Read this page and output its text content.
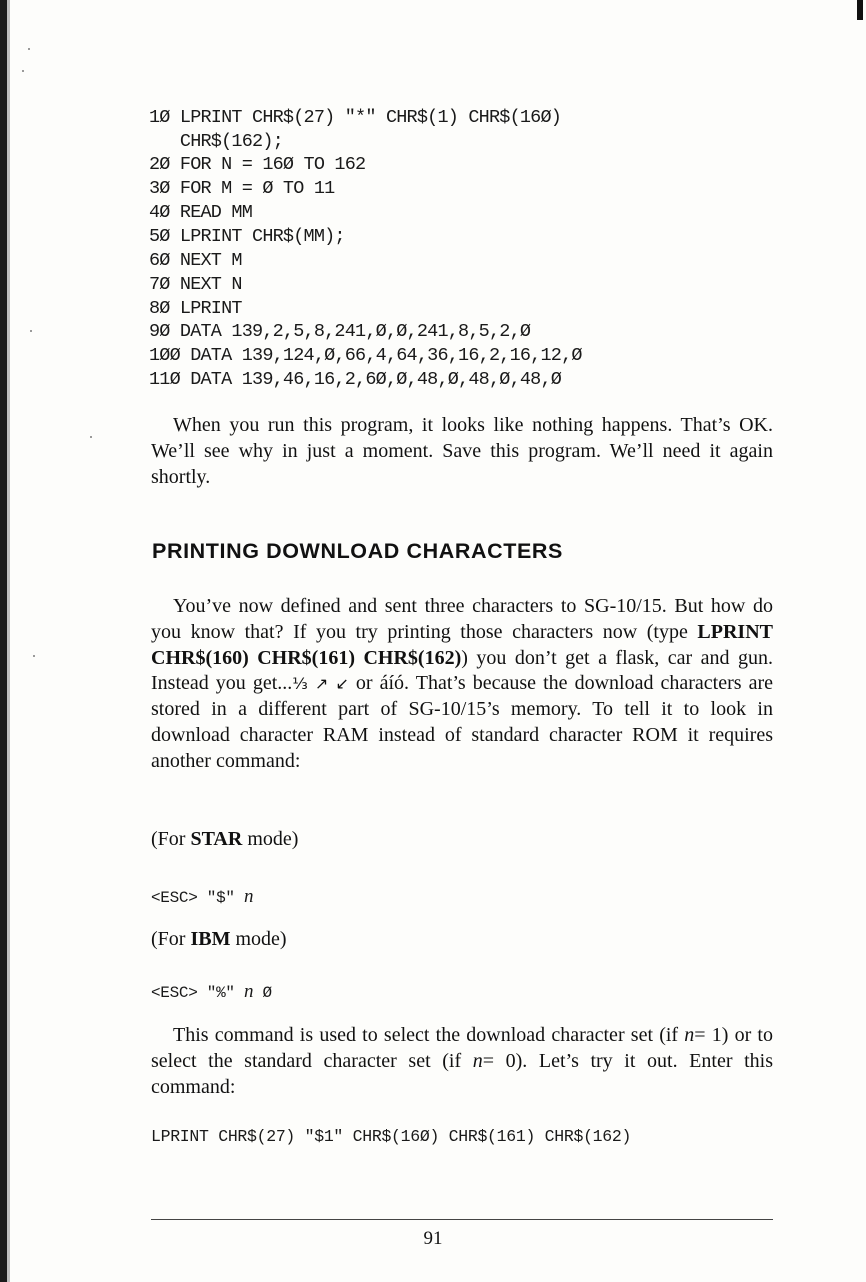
1Ø LPRINT CHR$(27) "*" CHR$(1) CHR$(16Ø)
CHR$(162);
2Ø FOR N = 16Ø TO 162
3Ø FOR M = Ø TO 11
4Ø READ MM
5Ø LPRINT CHR$(MM);
6Ø NEXT M
7Ø NEXT N
8Ø LPRINT
9Ø DATA 139,2,5,8,241,Ø,Ø,241,8,5,2,Ø
1ØØ DATA 139,124,Ø,66,4,64,36,16,2,16,12,Ø
11Ø DATA 139,46,16,2,6Ø,Ø,48,Ø,48,Ø,48,Ø

When you run this program, it looks like nothing happens. That’s OK. We’ll see why in just a moment. Save this program. We’ll need it again shortly.

PRINTING DOWNLOAD CHARACTERS

You’ve now defined and sent three characters to SG-10/15. But how do you know that? If you try printing those characters now (type LPRINT CHR$(160) CHR$(161) CHR$(162)) you don’t get a flask, car and gun. Instead you get...⅓ ↗ ↙ or áíó. That’s because the download characters are stored in a different part of SG-10/15’s memory. To tell it to look in download character RAM instead of standard character ROM it requires another command:

(For STAR mode)
<ESC> "$" n
(For IBM mode)
<ESC> "%" n Ø

This command is used to select the download character set (if n= 1) or to select the standard character set (if n= 0). Let’s try it out. Enter this command:

LPRINT CHR$(27) "$1" CHR$(16Ø) CHR$(161) CHR$(162)
91
